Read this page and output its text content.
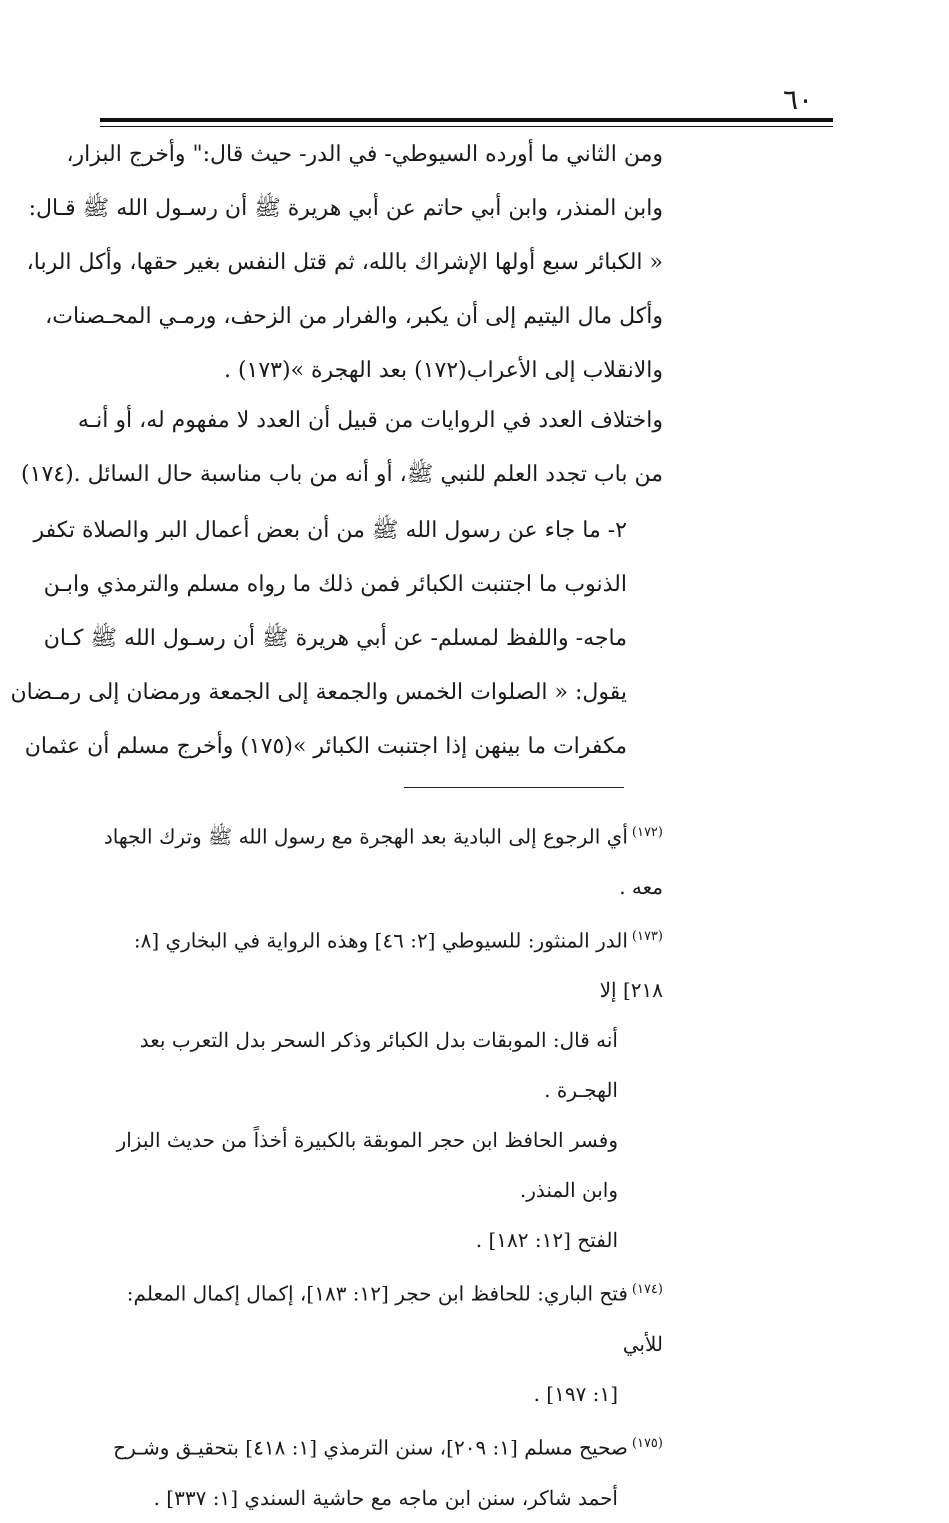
٦٠
ومن الثاني ما أورده السيوطي- في الدر- حيث قال:" وأخرج البزار،
وابن المنذر، وابن أبي حاتم عن أبي هريرة ﷺ أن رسـول الله ﷺ قـال:
« الكبائر سبع أولها الإشراك بالله، ثم قتل النفس بغير حقها، وأكل الربا،
وأكل مال اليتيم إلى أن يكبر، والفرار من الزحف، ورمـي المحـصنات،
والانقلاب إلى الأعراب(١٧٢) بعد الهجرة »(١٧٣) .
واختلاف العدد في الروايات من قبيل أن العدد لا مفهوم له، أو أنـه
من باب تجدد العلم للنبي ﷺ، أو أنه من باب مناسبة حال السائل .(١٧٤)
٢- ما جاء عن رسول الله ﷺ من أن بعض أعمال البر والصلاة تكفر
الذنوب ما اجتنبت الكبائر فمن ذلك ما رواه مسلم والترمذي وابـن
ماجه- واللفظ لمسلم- عن أبي هريرة ﷺ أن رسـول الله ﷺ كـان
يقول: « الصلوات الخمس والجمعة إلى الجمعة ورمضان إلى رمـضان
مكفرات ما بينهن إذا اجتنبت الكبائر »(١٧٥) وأخرج مسلم أن عثمان

$^{(١٧٢)}$أي الرجوع إلى البادية بعد الهجرة مع رسول الله ﷺ وترك الجهاد معه .

$^{(١٧٣)}$الدر المنثور: للسيوطي [٢: ٤٦] وهذه الرواية في البخاري [٨: ٢١٨] إلا

أنه قال: الموبقات بدل الكبائر وذكر السحر بدل التعرب بعد الهجـرة .

وفسر الحافظ ابن حجر الموبقة بالكبيرة أخذاً من حديث البزار وابن المنذر.

الفتح [١٢: ١٨٢] .

$^{(١٧٤)}$فتح الباري: للحافظ ابن حجر [١٢: ١٨٣]، إكمال إكمال المعلم: للأبي

[١: ١٩٧] .

$^{(١٧٥)}$صحيح مسلم [١: ٢٠٩]، سنن الترمذي [١: ٤١٨] بتحقيـق وشـرح

أحمد شاكر، سنن ابن ماجه مع حاشية السندي [١: ٣٣٧] .
